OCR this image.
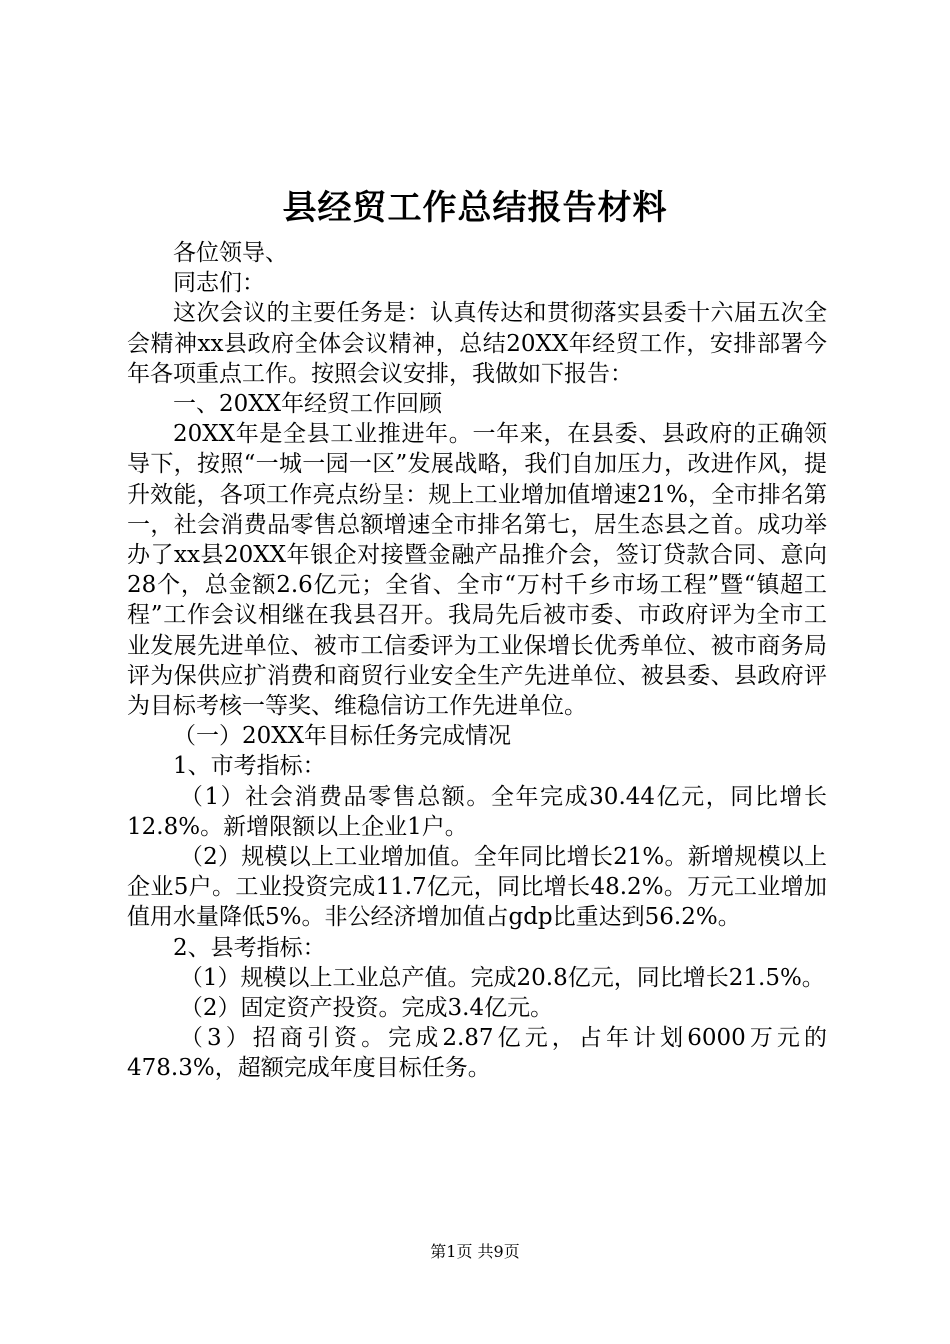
县经贸工作总结报告材料

各位领导、

同志们：

这次会议的主要任务是：认真传达和贯彻落实县委十六届五次全会精神xx县政府全体会议精神，总结20XX年经贸工作，安排部署今年各项重点工作。按照会议安排，我做如下报告：

一、20XX年经贸工作回顾

20XX年是全县工业推进年。一年来，在县委、县政府的正确领导下，按照“一城一园一区”发展战略，我们自加压力，改进作风，提升效能，各项工作亮点纷呈：规上工业增加值增速21%，全市排名第一，社会消费品零售总额增速全市排名第七，居生态县之首。成功举办了xx县20XX年银企对接暨金融产品推介会，签订贷款合同、意向28个，总金额2.6亿元；全省、全市“万村千乡市场工程”暨“镇超工程”工作会议相继在我县召开。我局先后被市委、市政府评为全市工业发展先进单位、被市工信委评为工业保增长优秀单位、被市商务局评为保供应扩消费和商贸行业安全生产先进单位、被县委、县政府评为目标考核一等奖、维稳信访工作先进单位。

（一）20XX年目标任务完成情况

1、市考指标：

（1）社会消费品零售总额。全年完成30.44亿元，同比增长12.8%。新增限额以上企业1户。

（2）规模以上工业增加值。全年同比增长21%。新增规模以上企业5户。工业投资完成11.7亿元，同比增长48.2%。万元工业增加值用水量降低5%。非公经济增加值占gdp比重达到56.2%。

2、县考指标：

（1）规模以上工业总产值。完成20.8亿元，同比增长21.5%。

（2）固定资产投资。完成3.4亿元。

（3）招商引资。完成2.87亿元，占年计划6000万元的478.3%，超额完成年度目标任务。

第1页 共9页
